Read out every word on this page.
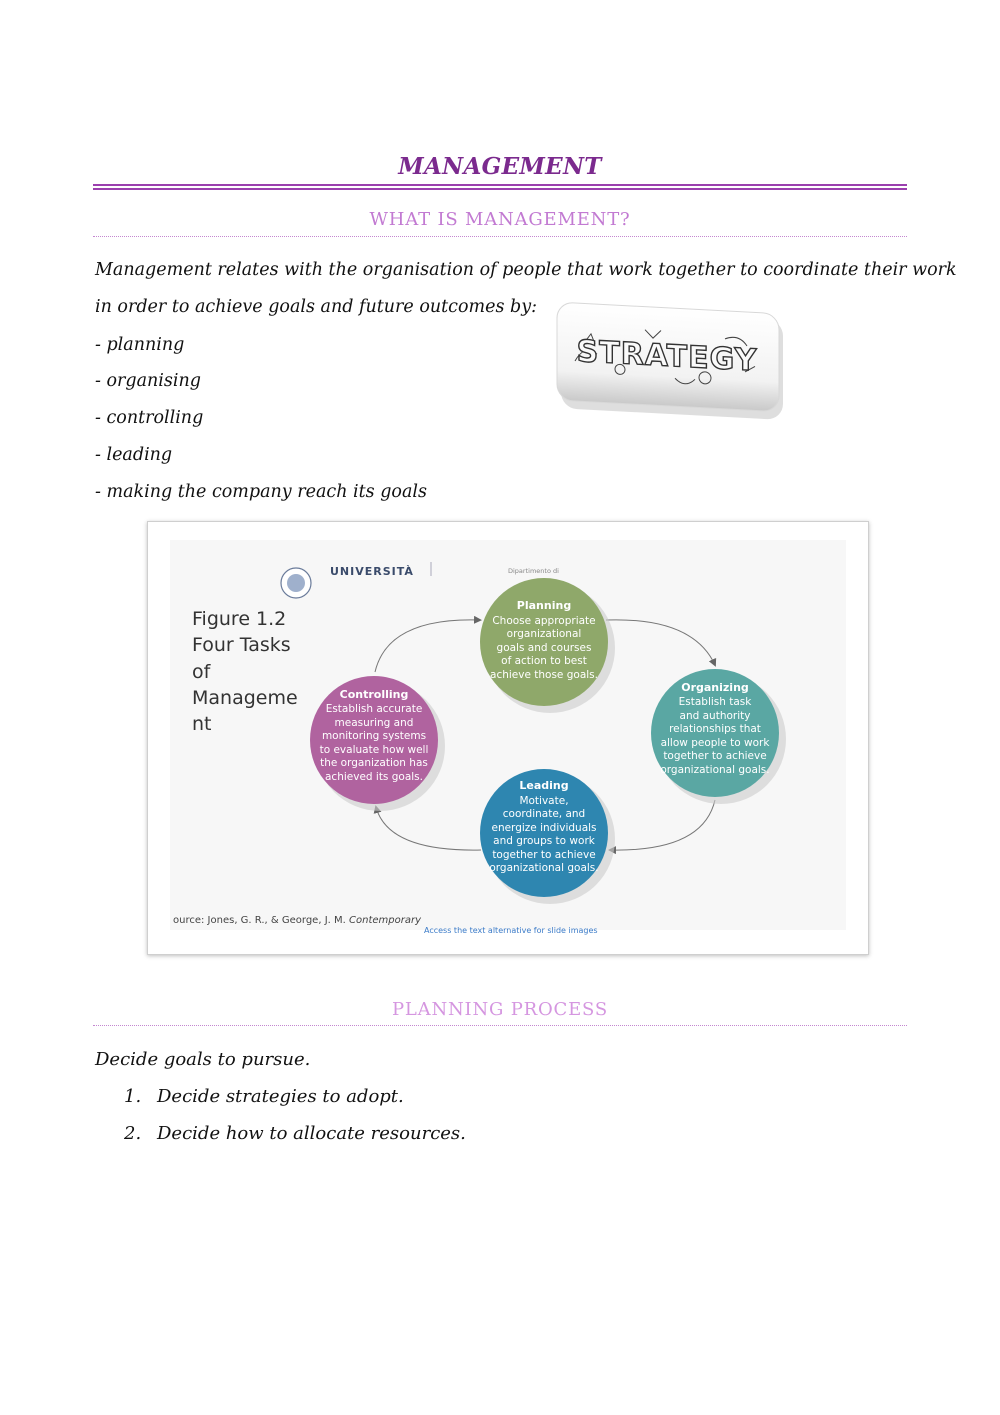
MANAGEMENT
WHAT IS MANAGEMENT?
Management relates with the organisation of people that work together to coordinate their work
in order to achieve goals and future outcomes by:
- planning
- organising
- controlling
- leading
- making the company reach its goals
STRATEGY
UNIVERSITÀ	Dipartimento di
Figure 1.2
Four Tasks
of
Manageme
nt
Planning
Choose appropriate
organizational
goals and courses
of action to best
achieve those goals.
Organizing
Establish task
and authority
relationships that
allow people to work
together to achieve
organizational goals.
Leading
Motivate,
coordinate, and
energize individuals
and groups to work
together to achieve
organizational goals.
Controlling
Establish accurate
measuring and
monitoring systems
to evaluate how well
the organization has
achieved its goals.
ource: Jones, G. R., & George, J. M. Contemporary
Access the text alternative for slide images
PLANNING PROCESS
Decide goals to pursue.
1. Decide strategies to adopt.
2. Decide how to allocate resources.
